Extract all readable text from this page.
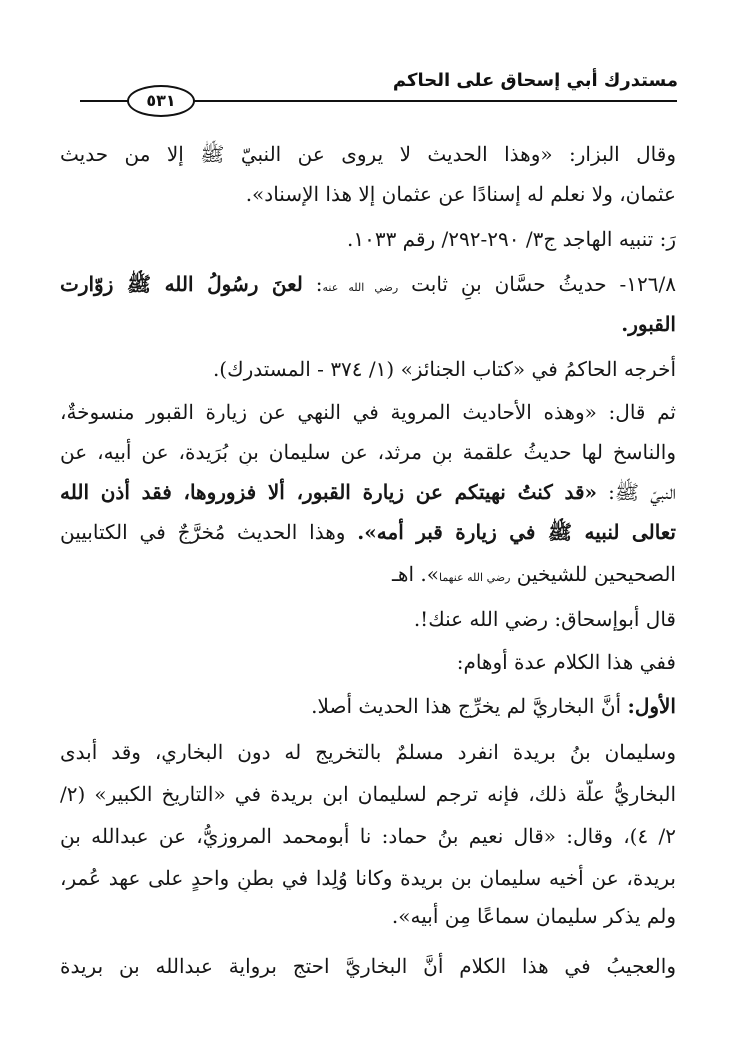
مستدرك أبي إسحاق على الحاكم
٥٣١
وقال البزار: «وهذا الحديث لا يروى عن النبيّ ﷺ إلا من حديث
عثمان، ولا نعلم له إسنادًا عن عثمان إلا هذا الإسناد».
رَ: تنبيه الهاجد ج٣/ ٢٩٠-٢٩٢/ رقم ١٠٣٣.
١٢٦/٨- حديثُ حسَّان بنِ ثابت رضي الله عنه: لعنَ رسُولُ الله ﷺ زوّارت
القبور.
أخرجه الحاكمُ في «كتاب الجنائز» (١/ ٣٧٤ - المستدرك).
ثم قال: «وهذه الأحاديث المروية في النهي عن زيارة القبور منسوخةٌ،
والناسخ لها حديثُ علقمة بنِ مرثد، عن سليمان بنِ بُرَيدة، عن أبيه، عن
النبيّ ﷺ: «قد كنتُ نهيتكم عن زيارة القبور، ألا فزوروها، فقد أذن الله
تعالى لنبيه ﷺ في زيارة قبر أمه». وهذا الحديث مُخرَّجٌ في الكتابيين
الصحيحين للشيخين رضي الله عنهما». اهـ
قال أبوإسحاق: رضي الله عنك!.
ففي هذا الكلام عدة أوهام:
الأول: أنَّ البخاريَّ لم يخرِّج هذا الحديث أصلا.
وسليمان بنُ بريدة انفرد مسلمٌ بالتخريج له دون البخاري، وقد أبدى
البخاريُّ علّة ذلك، فإنه ترجم لسليمان ابن بريدة في «التاريخ الكبير» (٢/
٢/ ٤)، وقال: «قال نعيم بنُ حماد: نا أبومحمد المروزيُّ، عن عبدالله بنِ
بريدة، عن أخيه سليمان بن بريدة وكانا وُلِدا في بطنٍ واحدٍ على عهد عُمر،
ولم يذكر سليمان سماعًا مِن أبيه».
والعجيبُ في هذا الكلام أنَّ البخاريَّ احتج برواية عبدالله بن بريدة
